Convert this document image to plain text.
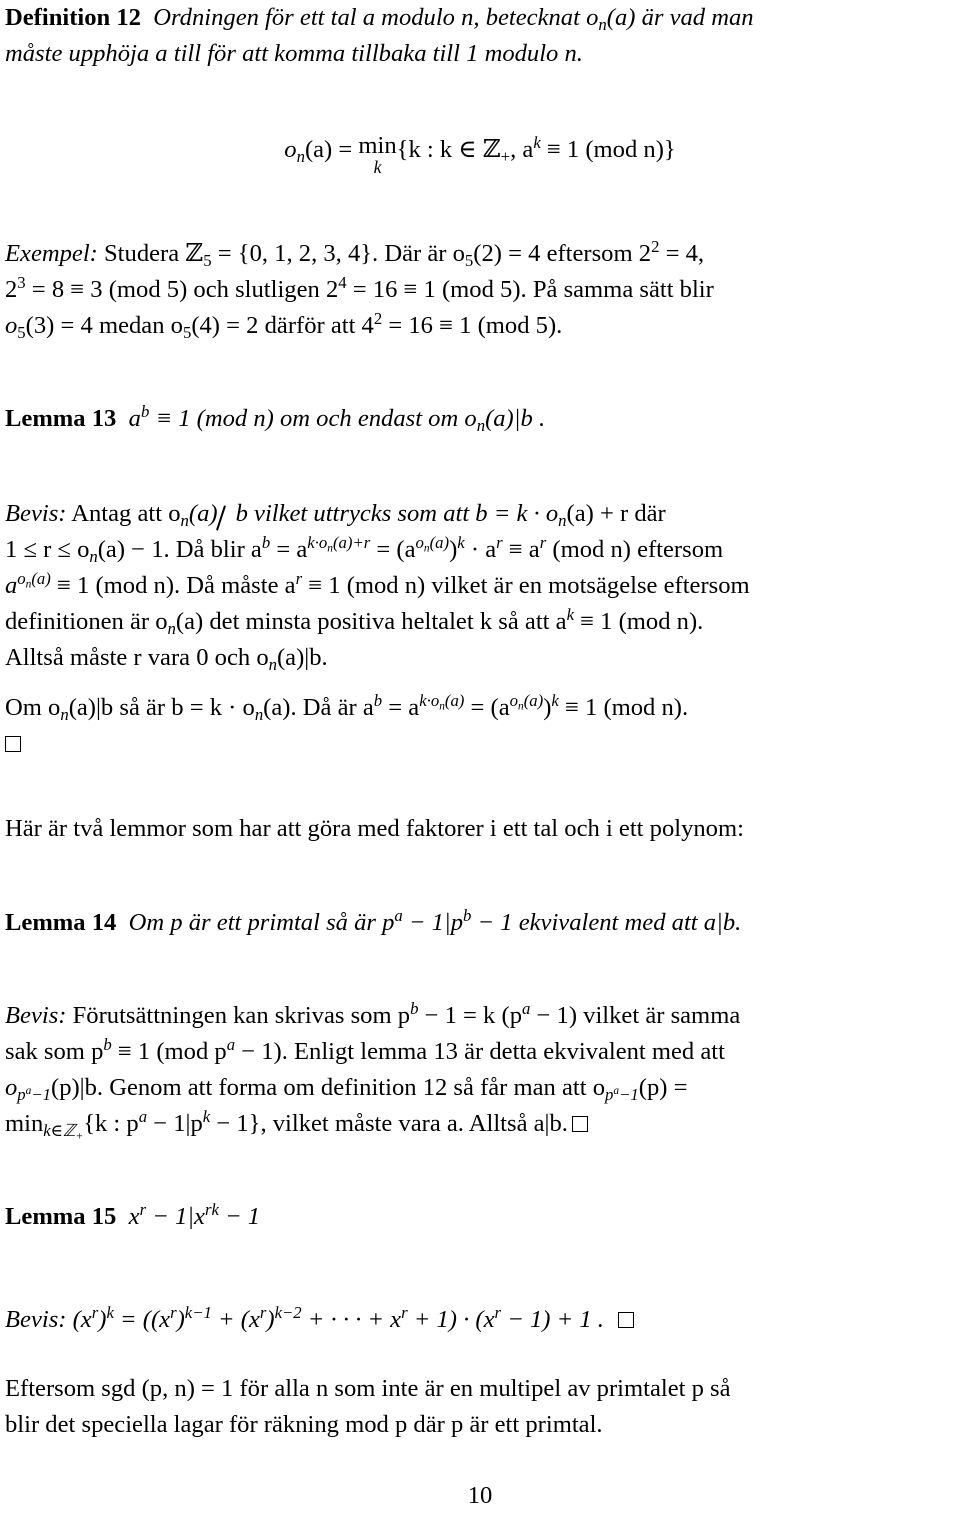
Definition 12 Ordningen för ett tal a modulo n, betecknat $o_n(a)$ är vad man
måste upphöja a till för att komma tillbaka till 1 modulo n.
$o_n(a) = \min$
k
{k : k ∈ ℤ$_+$, $a^k \equiv 1$ (mod n)}
Exempel: Studera ℤ$_5$ = {0, 1, 2, 3, 4}. Där är $o_5(2) = 4$ eftersom $2^2 = 4$,
$2^3 = 8 \equiv 3$ (mod 5) och slutligen $2^4 = 16 \equiv 1$ (mod 5). På samma sätt blir
$o_5(3) = 4$ medan $o_5(4) = 2$ därför att $4^2 = 16 \equiv 1$ (mod 5).
Lemma 13 $a^b \equiv 1$ (mod n) om och endast om $o_n(a)|b$ .
Bevis: Antag att $o_n(a)$ b vilket uttrycks som att $b = k \cdot o_n(a) + r$ där
$1 \le r \le o_n(a) - 1$. Då blir $a^b = a^{k\cdot o_n(a)+r} = (a^{o_n(a)})^k \cdot a^r \equiv a^r$ (mod n) eftersom
$a^{o_n(a)} \equiv 1$ (mod n). Då måste $a^r \equiv 1$ (mod n) vilket är en motsägelse eftersom
definitionen är $o_n(a)$ det minsta positiva heltalet k så att $a^k \equiv 1$ (mod n).
Alltså måste r vara 0 och $o_n(a)|b$.
Om $o_n(a)|b$ så är $b = k \cdot o_n(a)$. Då är $a^b = a^{k\cdot o_n(a)} = (a^{o_n(a)})^k \equiv 1$ (mod n).
Här är två lemmor som har att göra med faktorer i ett tal och i ett polynom:
Lemma 14 Om p är ett primtal så är $p^a - 1|p^b - 1$ ekvivalent med att a|b.
Bevis: Förutsättningen kan skrivas som $p^b - 1 = k$ $(p^a - 1)$ vilket är samma
sak som $p^b \equiv 1$ (mod $p^a - 1$). Enligt lemma 13 är detta ekvivalent med att
$o_{p^a-1}(p)|b$. Genom att forma om definition 12 så får man att $o_{p^a-1}(p)$ =
$\min_{k\in ℤ_+}\{k$ : $p^a - 1|p^k - 1$}, vilket måste vara a. Alltså a|b.
Lemma 15 $x^r - 1|x^{rk} - 1$
Bevis: $(x^r)^k = ((x^r)^{k-1} + (x^r)^{k-2}$ + · · · + $x^r + 1) \cdot (x^r - 1) + 1$ .
Eftersom sgd (p, n) = 1 för alla n som inte är en multipel av primtalet p så
blir det speciella lagar för räkning mod p där p är ett primtal.
10
